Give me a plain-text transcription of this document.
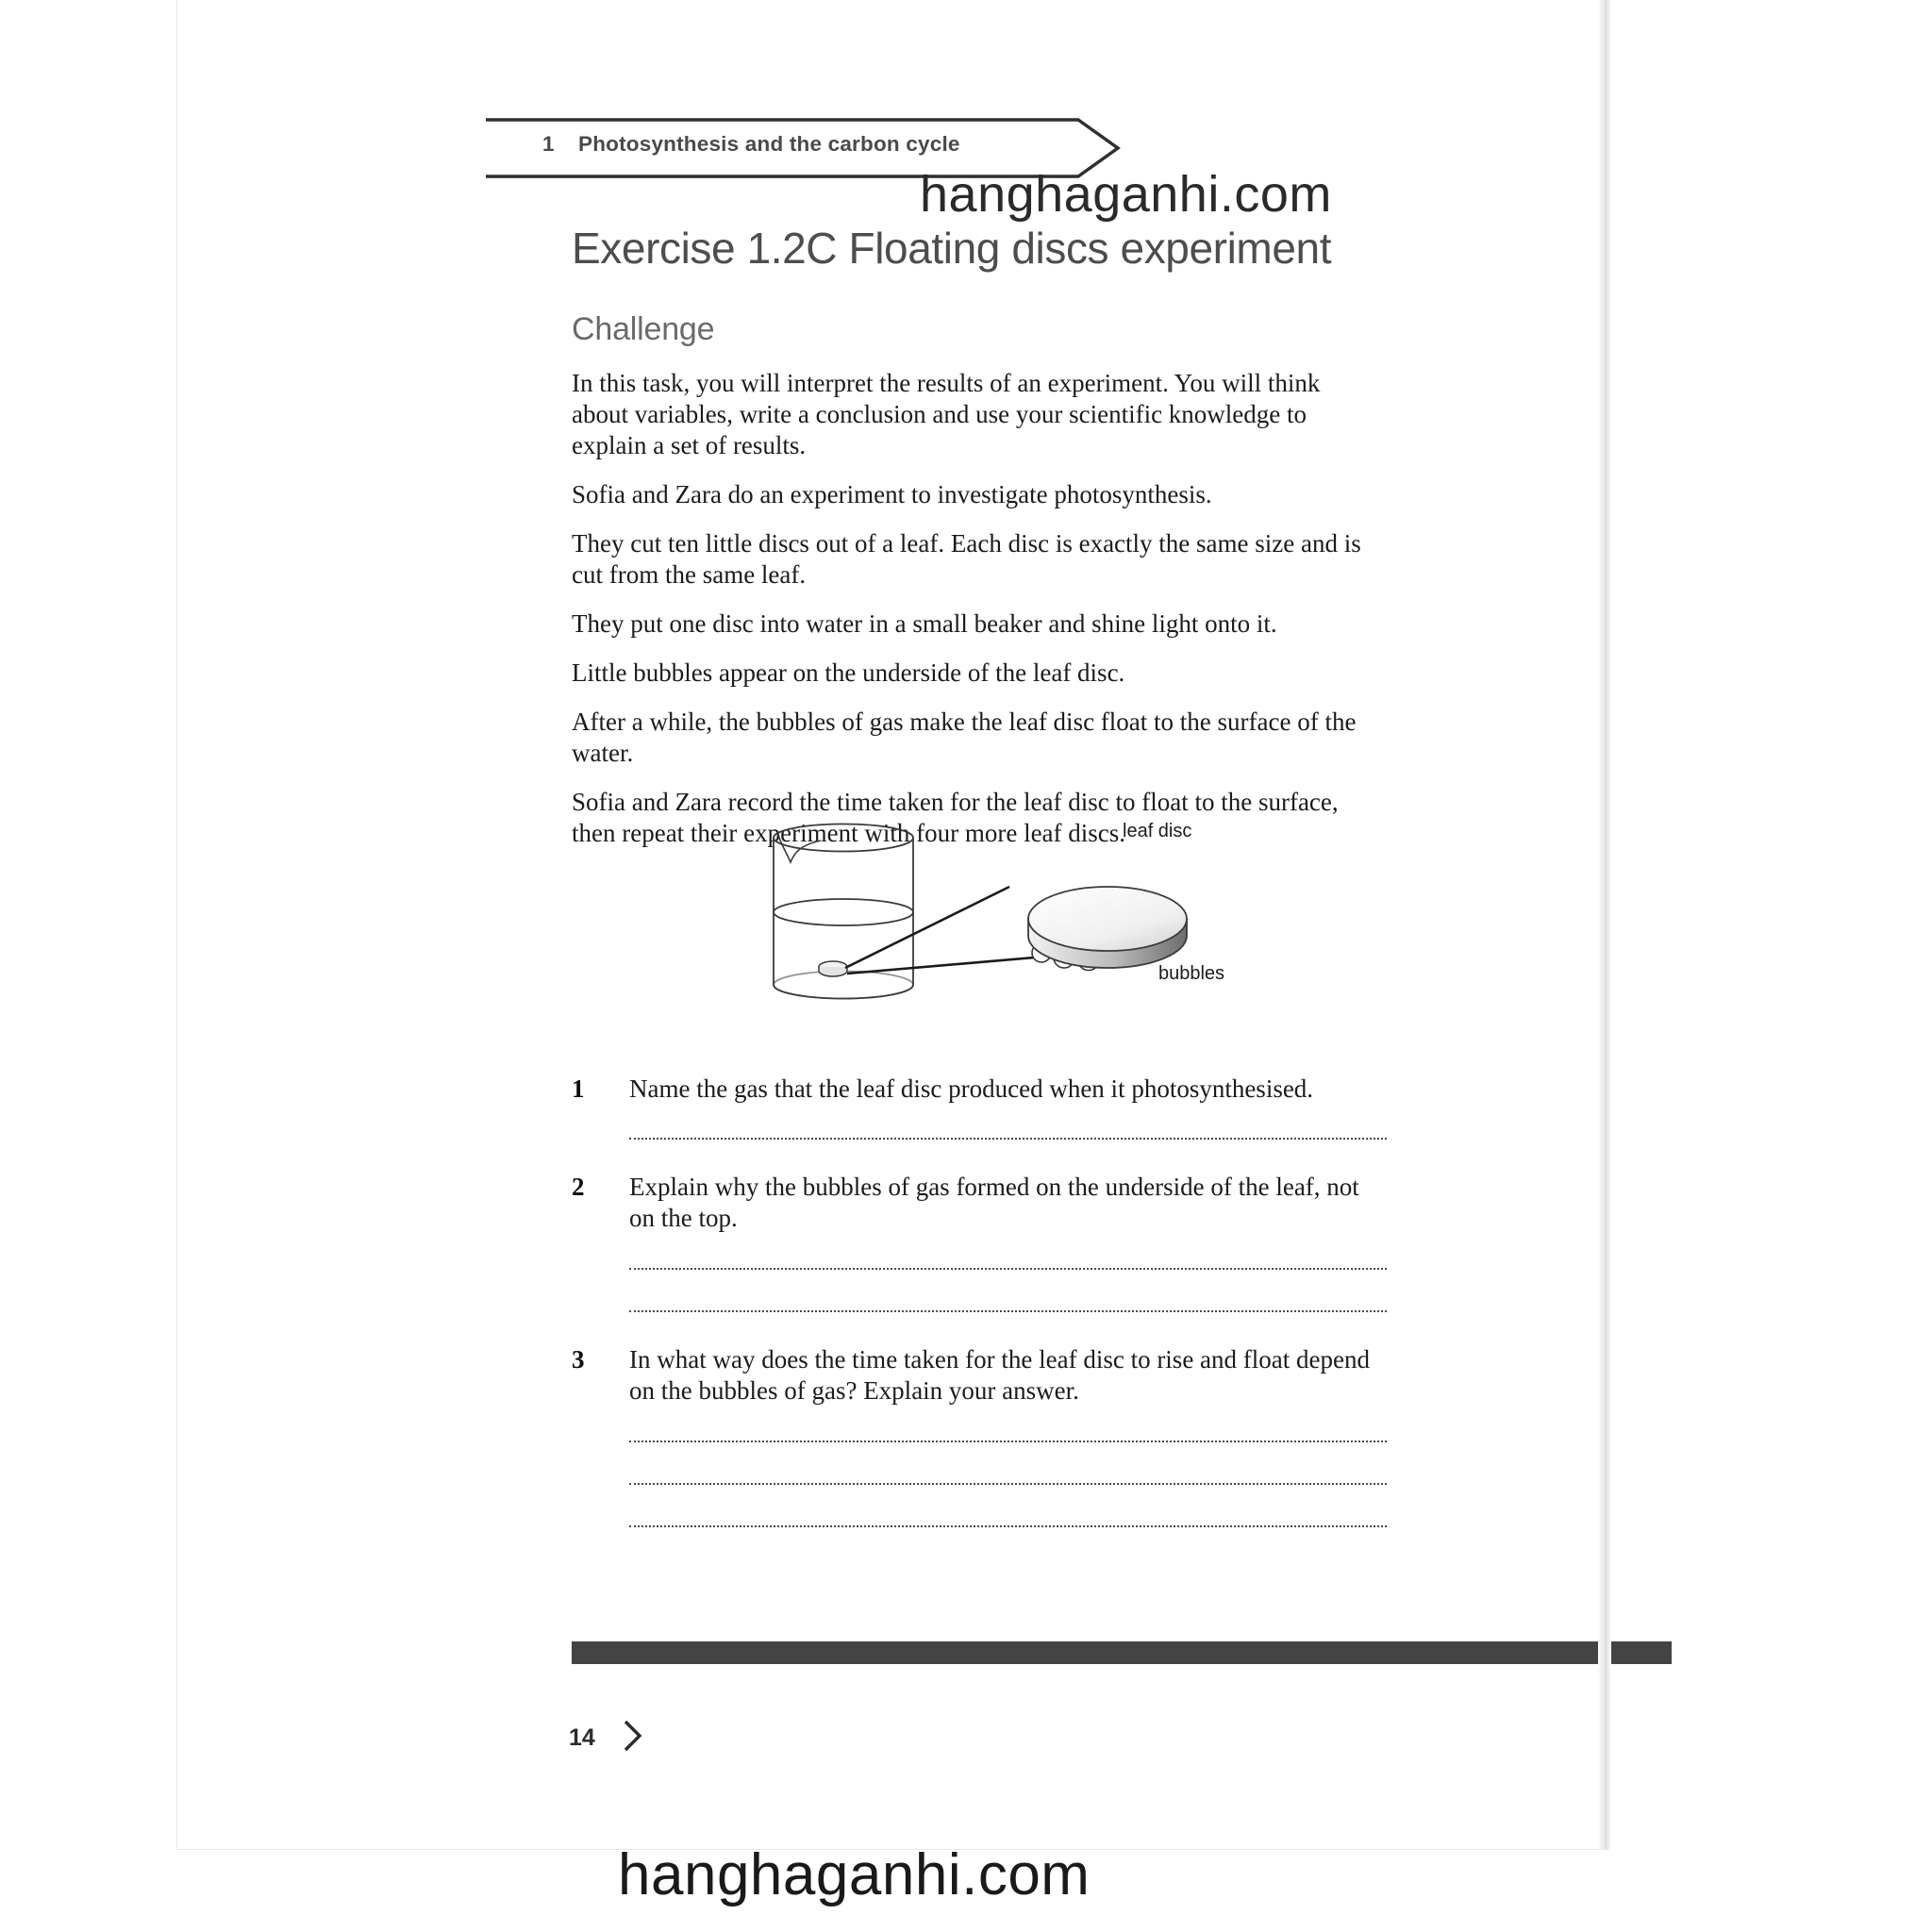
1 Photosynthesis and the carbon cycle
Exercise 1.2C Floating discs experiment
Challenge

In this task, you will interpret the results of an experiment. You will think about variables, write a conclusion and use your scientific knowledge to explain a set of results.

Sofia and Zara do an experiment to investigate photosynthesis.

They cut ten little discs out of a leaf. Each disc is exactly the same size and is cut from the same leaf.

They put one disc into water in a small beaker and shine light onto it.

Little bubbles appear on the underside of the leaf disc.

After a while, the bubbles of gas make the leaf disc float to the surface of the water.

Sofia and Zara record the time taken for the leaf disc to float to the surface, then repeat their experiment with four more leaf discs.

leaf disc
bubbles
1	Name the gas that the leaf disc produced when it photosynthesised.
2	Explain why the bubbles of gas formed on the underside of the leaf, not on the top.
3	In what way does the time taken for the leaf disc to rise and float depend on the bubbles of gas? Explain your answer.
14
hanghaganhi.com
hanghaganhi.com
